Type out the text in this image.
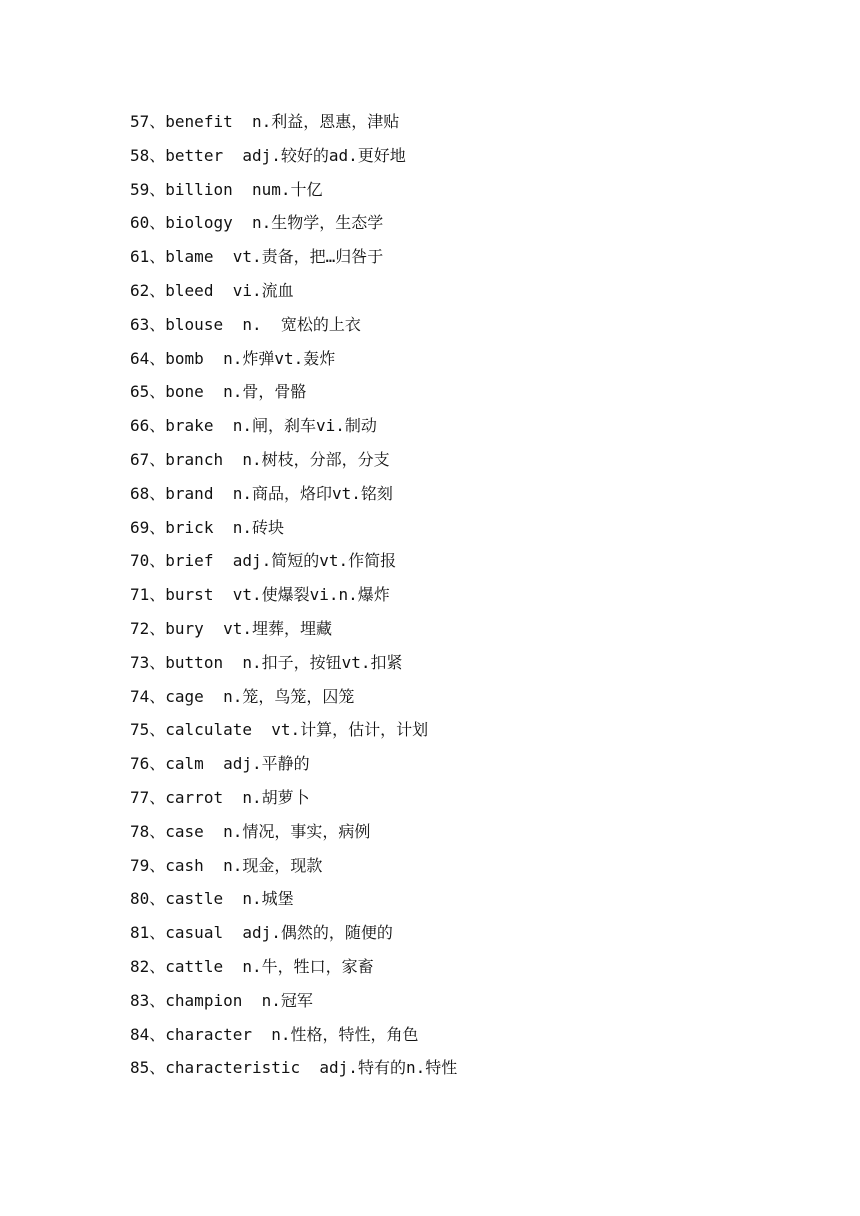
57、benefit n.利益，恩惠，津贴
58、better adj.较好的ad.更好地
59、billion num.十亿
60、biology n.生物学，生态学
61、blame vt.责备，把…归咎于
62、bleed vi.流血
63、blouse n.  宽松的上衣
64、bomb n.炸弹vt.轰炸
65、bone n.骨，骨骼
66、brake n.闸，刹车vi.制动
67、branch n.树枝，分部，分支
68、brand n.商品，烙印vt.铭刻
69、brick n.砖块
70、brief adj.简短的vt.作简报
71、burst vt.使爆裂vi.n.爆炸
72、bury vt.埋葬，埋藏
73、button n.扣子，按钮vt.扣紧
74、cage n.笼，鸟笼，囚笼
75、calculate vt.计算，估计，计划
76、calm adj.平静的
77、carrot n.胡萝卜
78、case n.情况，事实，病例
79、cash n.现金，现款
80、castle n.城堡
81、casual adj.偶然的，随便的
82、cattle n.牛，牲口，家畜
83、champion n.冠军
84、character n.性格，特性，角色
85、characteristic adj.特有的n.特性
